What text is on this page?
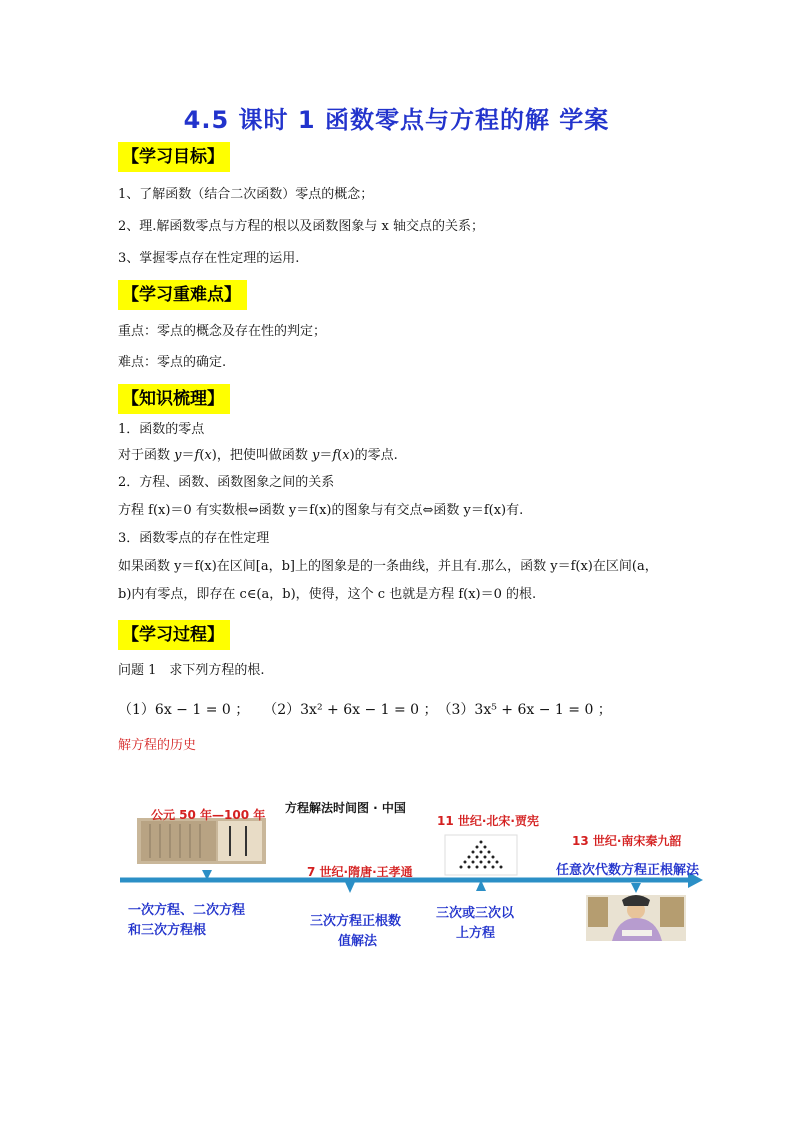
4.5 课时 1 函数零点与方程的解 学案
【学习目标】
1、了解函数（结合二次函数）零点的概念；
2、理.解函数零点与方程的根以及函数图象与 x 轴交点的关系；
3、掌握零点存在性定理的运用.
【学习重难点】
重点：零点的概念及存在性的判定；
难点：零点的确定.
【知识梳理】
1．函数的零点
对于函数 y＝f(x)，把使叫做函数 y＝f(x)的零点.
2．方程、函数、函数图象之间的关系
方程 f(x)＝0 有实数根⇔函数 y＝f(x)的图象与有交点⇔函数 y＝f(x)有.
3．函数零点的存在性定理
如果函数 y＝f(x)在区间[a，b]上的图象是的一条曲线，并且有.那么，函数 y＝f(x)在区间(a，
b)内有零点，即存在 c∈(a，b)，使得，这个 c 也就是方程 f(x)＝0 的根.
【学习过程】
问题 1　求下列方程的根.
（1）6x − 1 = 0 ；　　（2）3x² + 6x − 1 = 0 ；　（3）3x⁵ + 6x − 1 = 0 ；
解方程的历史
方程解法时间图 · 中国
公元 50 年—100 年
一次方程、二次方程
和三次方程根
7 世纪·隋唐·王孝通
三次方程正根数
值解法
11 世纪·北宋·贾宪
三次或三次以
上方程
13 世纪·南宋秦九韶
任意次代数方程正根解法
